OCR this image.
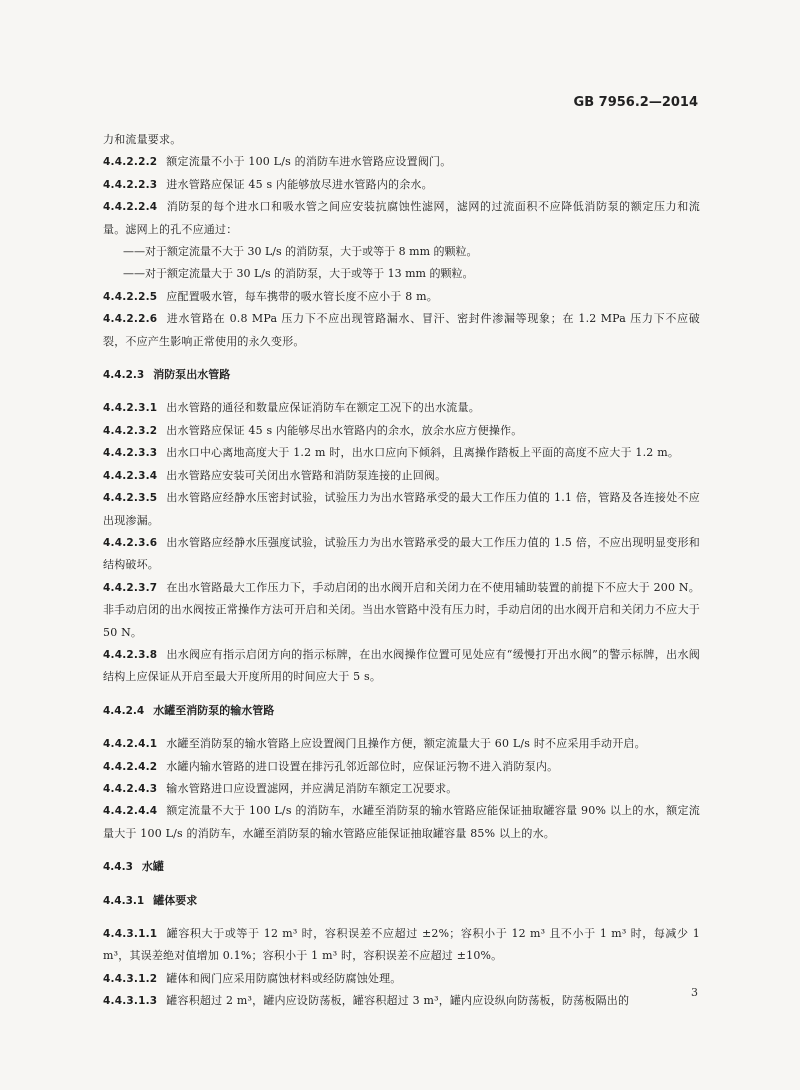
GB 7956.2—2014

力和流量要求。

4.4.2.2.2 额定流量不小于 100 L/s 的消防车进水管路应设置阀门。

4.4.2.2.3 进水管路应保证 45 s 内能够放尽进水管路内的余水。

4.4.2.2.4 消防泵的每个进水口和吸水管之间应安装抗腐蚀性滤网，滤网的过流面积不应降低消防泵的额定压力和流量。滤网上的孔不应通过：

——对于额定流量不大于 30 L/s 的消防泵，大于或等于 8 mm 的颗粒。

——对于额定流量大于 30 L/s 的消防泵，大于或等于 13 mm 的颗粒。

4.4.2.2.5 应配置吸水管，每车携带的吸水管长度不应小于 8 m。

4.4.2.2.6 进水管路在 0.8 MPa 压力下不应出现管路漏水、冒汗、密封件渗漏等现象；在 1.2 MPa 压力下不应破裂，不应产生影响正常使用的永久变形。

4.4.2.3 消防泵出水管路

4.4.2.3.1 出水管路的通径和数量应保证消防车在额定工况下的出水流量。

4.4.2.3.2 出水管路应保证 45 s 内能够尽出水管路内的余水，放余水应方便操作。

4.4.2.3.3 出水口中心离地高度大于 1.2 m 时，出水口应向下倾斜，且离操作踏板上平面的高度不应大于 1.2 m。

4.4.2.3.4 出水管路应安装可关闭出水管路和消防泵连接的止回阀。

4.4.2.3.5 出水管路应经静水压密封试验，试验压力为出水管路承受的最大工作压力值的 1.1 倍，管路及各连接处不应出现渗漏。

4.4.2.3.6 出水管路应经静水压强度试验，试验压力为出水管路承受的最大工作压力值的 1.5 倍，不应出现明显变形和结构破坏。

4.4.2.3.7 在出水管路最大工作压力下，手动启闭的出水阀开启和关闭力在不使用辅助装置的前提下不应大于 200 N。非手动启闭的出水阀按正常操作方法可开启和关闭。当出水管路中没有压力时，手动启闭的出水阀开启和关闭力不应大于 50 N。

4.4.2.3.8 出水阀应有指示启闭方向的指示标牌，在出水阀操作位置可见处应有“缓慢打开出水阀”的警示标牌，出水阀结构上应保证从开启至最大开度所用的时间应大于 5 s。

4.4.2.4 水罐至消防泵的输水管路

4.4.2.4.1 水罐至消防泵的输水管路上应设置阀门且操作方便，额定流量大于 60 L/s 时不应采用手动开启。

4.4.2.4.2 水罐内输水管路的进口设置在排污孔邻近部位时，应保证污物不进入消防泵内。

4.4.2.4.3 输水管路进口应设置滤网，并应满足消防车额定工况要求。

4.4.2.4.4 额定流量不大于 100 L/s 的消防车，水罐至消防泵的输水管路应能保证抽取罐容量 90% 以上的水，额定流量大于 100 L/s 的消防车，水罐至消防泵的输水管路应能保证抽取罐容量 85% 以上的水。

4.4.3 水罐

4.4.3.1 罐体要求

4.4.3.1.1 罐容积大于或等于 12 m³ 时，容积误差不应超过 ±2%；容积小于 12 m³ 且不小于 1 m³ 时，每减少 1 m³，其误差绝对值增加 0.1%；容积小于 1 m³ 时，容积误差不应超过 ±10%。

4.4.3.1.2 罐体和阀门应采用防腐蚀材料或经防腐蚀处理。

4.4.3.1.3 罐容积超过 2 m³，罐内应设防荡板，罐容积超过 3 m³，罐内应设纵向防荡板，防荡板隔出的

3
